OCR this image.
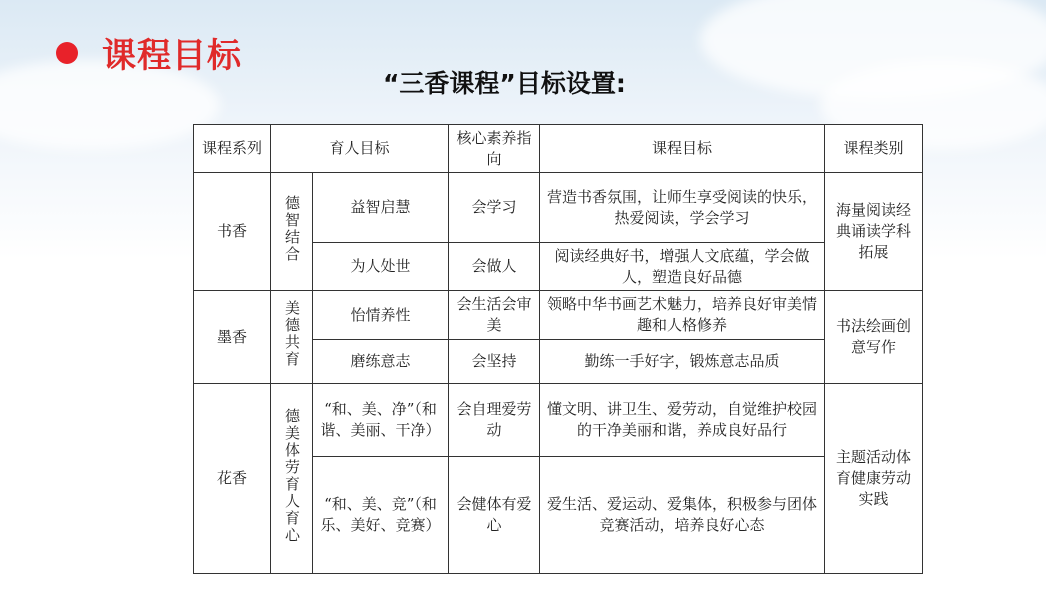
课程目标
“三香课程”目标设置:
课程系列	育人目标		核心素养指向	课程目标	课程类别
书香	德智结合	益智启慧	会学习	营造书香氛围，让师生享受阅读的快乐，热爱阅读，学会学习	海量阅读经典诵读学科拓展
		为人处世	会做人	阅读经典好书，增强人文底蕴，学会做人，塑造良好品德	
墨香	美德共育	怡情养性	会生活会审美	领略中华书画艺术魅力，培养良好审美情趣和人格修养	书法绘画创意写作
		磨练意志	会坚持	勤练一手好字，锻炼意志品质	
花香	德美体劳育人育心	“和、美、净”（和谐、美丽、干净）	会自理爱劳动	懂文明、讲卫生、爱劳动，自觉维护校园的干净美丽和谐，养成良好品行	主题活动体育健康劳动实践
		“和、美、竞”（和乐、美好、竞赛）	会健体有爱心	爱生活、爱运动、爱集体，积极参与团体竞赛活动，培养良好心态	
